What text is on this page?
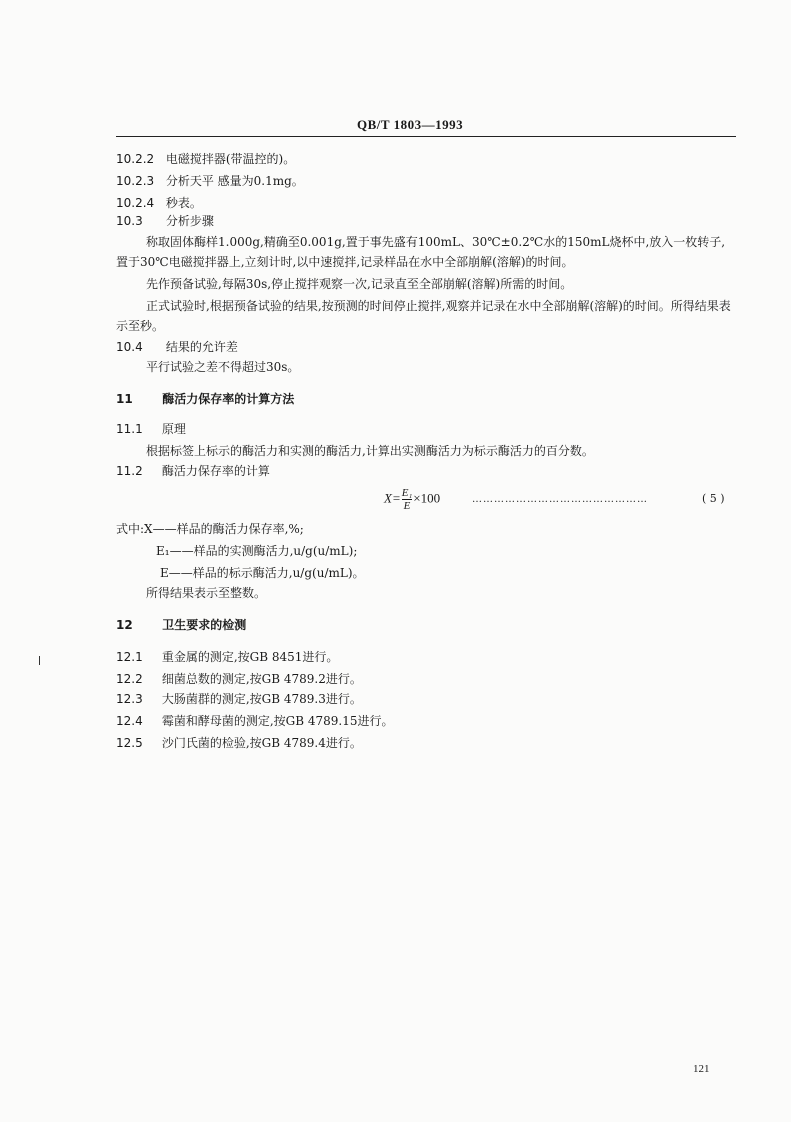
QB/T 1803—1993
10.2.2 电磁搅拌器(带温控的)。
10.2.3 分析天平 感量为0.1mg。
10.2.4 秒表。
10.3 分析步骤
称取固体酶样1.000g,精确至0.001g,置于事先盛有100mL、30℃±0.2℃水的150mL烧杯中,放入一枚转子,置于30℃电磁搅拌器上,立刻计时,以中速搅拌,记录样品在水中全部崩解(溶解)的时间。
先作预备试验,每隔30s,停止搅拌观察一次,记录直至全部崩解(溶解)所需的时间。
正式试验时,根据预备试验的结果,按预测的时间停止搅拌,观察并记录在水中全部崩解(溶解)的时间。所得结果表示至秒。
10.4 结果的允许差
平行试验之差不得超过30s。
11 酶活力保存率的计算方法
11.1 原理
根据标签上标示的酶活力和实测的酶活力,计算出实测酶活力为标示酶活力的百分数。
11.2 酶活力保存率的计算
$X= \frac{\text{E₁}}{E} \times 100$	…………………………………………	( 5 )
式中:X——样品的酶活力保存率,%;
E₁——样品的实测酶活力,u/g(u/mL);
E——样品的标示酶活力,u/g(u/mL)。
所得结果表示至整数。
12 卫生要求的检测
12.1 重金属的测定,按GB 8451进行。
12.2 细菌总数的测定,按GB 4789.2进行。
12.3 大肠菌群的测定,按GB 4789.3进行。
12.4 霉菌和酵母菌的测定,按GB 4789.15进行。
12.5 沙门氏菌的检验,按GB 4789.4进行。
121
